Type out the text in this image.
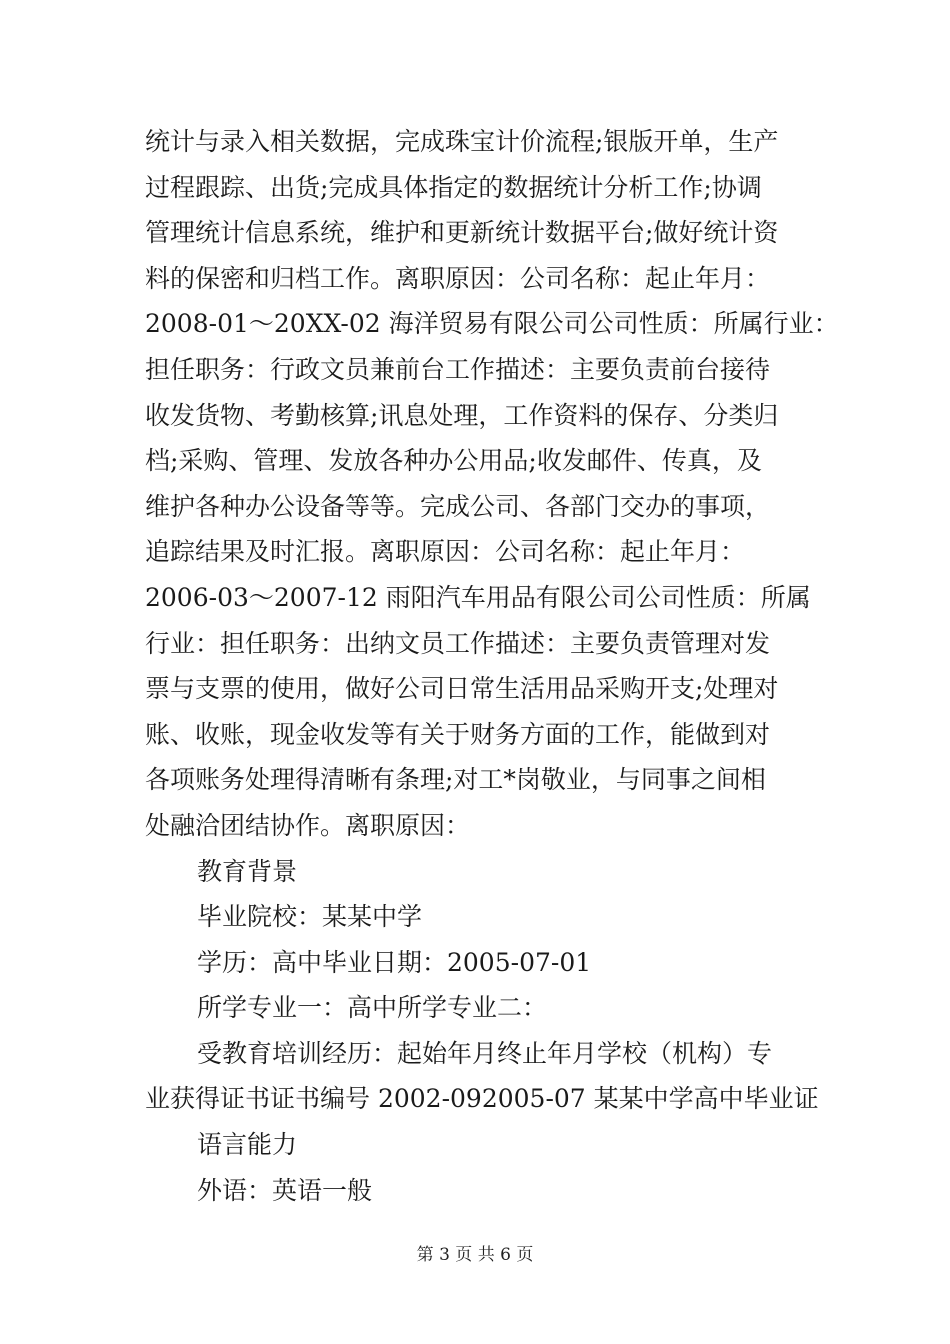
统计与录入相关数据，完成珠宝计价流程;银版开单，生产
过程跟踪、出货;完成具体指定的数据统计分析工作;协调
管理统计信息系统，维护和更新统计数据平台;做好统计资
料的保密和归档工作。离职原因：公司名称：起止年月：
2008-01～20XX-02 海洋贸易有限公司公司性质：所属行业：
担任职务：行政文员兼前台工作描述：主要负责前台接待
收发货物、考勤核算;讯息处理，工作资料的保存、分类归
档;采购、管理、发放各种办公用品;收发邮件、传真，及
维护各种办公设备等等。完成公司、各部门交办的事项，
追踪结果及时汇报。离职原因：公司名称：起止年月：
2006-03～2007-12 雨阳汽车用品有限公司公司性质：所属
行业：担任职务：出纳文员工作描述：主要负责管理对发
票与支票的使用，做好公司日常生活用品采购开支;处理对
账、收账，现金收发等有关于财务方面的工作，能做到对
各项账务处理得清晰有条理;对工*岗敬业，与同事之间相
处融洽团结协作。离职原因：
教育背景
毕业院校：某某中学
学历：高中毕业日期：2005-07-01
所学专业一：高中所学专业二：
受教育培训经历：起始年月终止年月学校（机构）专
业获得证书证书编号 2002-092005-07 某某中学高中毕业证
语言能力
外语：英语一般
第 3 页 共 6 页
